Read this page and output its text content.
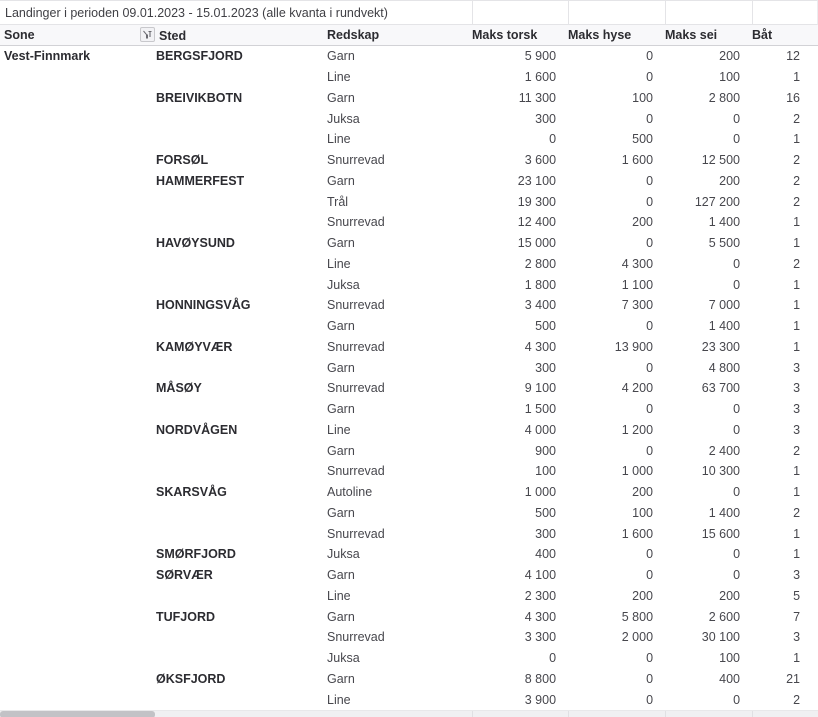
Landinger i perioden 09.01.2023 - 15.01.2023 (alle kvanta i rundvekt)						
Sone	Sted	Redskap	Maks torsk	Maks hyse	Maks sei	Båt
Vest-Finnmark	BERGSFJORD	Garn	5 900	0	200	12
		Line	1 600	0	100	1
	BREIVIKBOTN	Garn	11 300	100	2 800	16
		Juksa	300	0	0	2
		Line	0	500	0	1
	FORSØL	Snurrevad	3 600	1 600	12 500	2
	HAMMERFEST	Garn	23 100	0	200	2
		Trål	19 300	0	127 200	2
		Snurrevad	12 400	200	1 400	1
	HAVØYSUND	Garn	15 000	0	5 500	1
		Line	2 800	4 300	0	2
		Juksa	1 800	1 100	0	1
	HONNINGSVÅG	Snurrevad	3 400	7 300	7 000	1
		Garn	500	0	1 400	1
	KAMØYVÆR	Snurrevad	4 300	13 900	23 300	1
		Garn	300	0	4 800	3
	MÅSØY	Snurrevad	9 100	4 200	63 700	3
		Garn	1 500	0	0	3
	NORDVÅGEN	Line	4 000	1 200	0	3
		Garn	900	0	2 400	2
		Snurrevad	100	1 000	10 300	1
	SKARSVÅG	Autoline	1 000	200	0	1
		Garn	500	100	1 400	2
		Snurrevad	300	1 600	15 600	1
	SMØRFJORD	Juksa	400	0	0	1
	SØRVÆR	Garn	4 100	0	0	3
		Line	2 300	200	200	5
	TUFJORD	Garn	4 300	5 800	2 600	7
		Snurrevad	3 300	2 000	30 100	3
		Juksa	0	0	100	1
	ØKSFJORD	Garn	8 800	0	400	21
		Line	3 900	0	0	2
